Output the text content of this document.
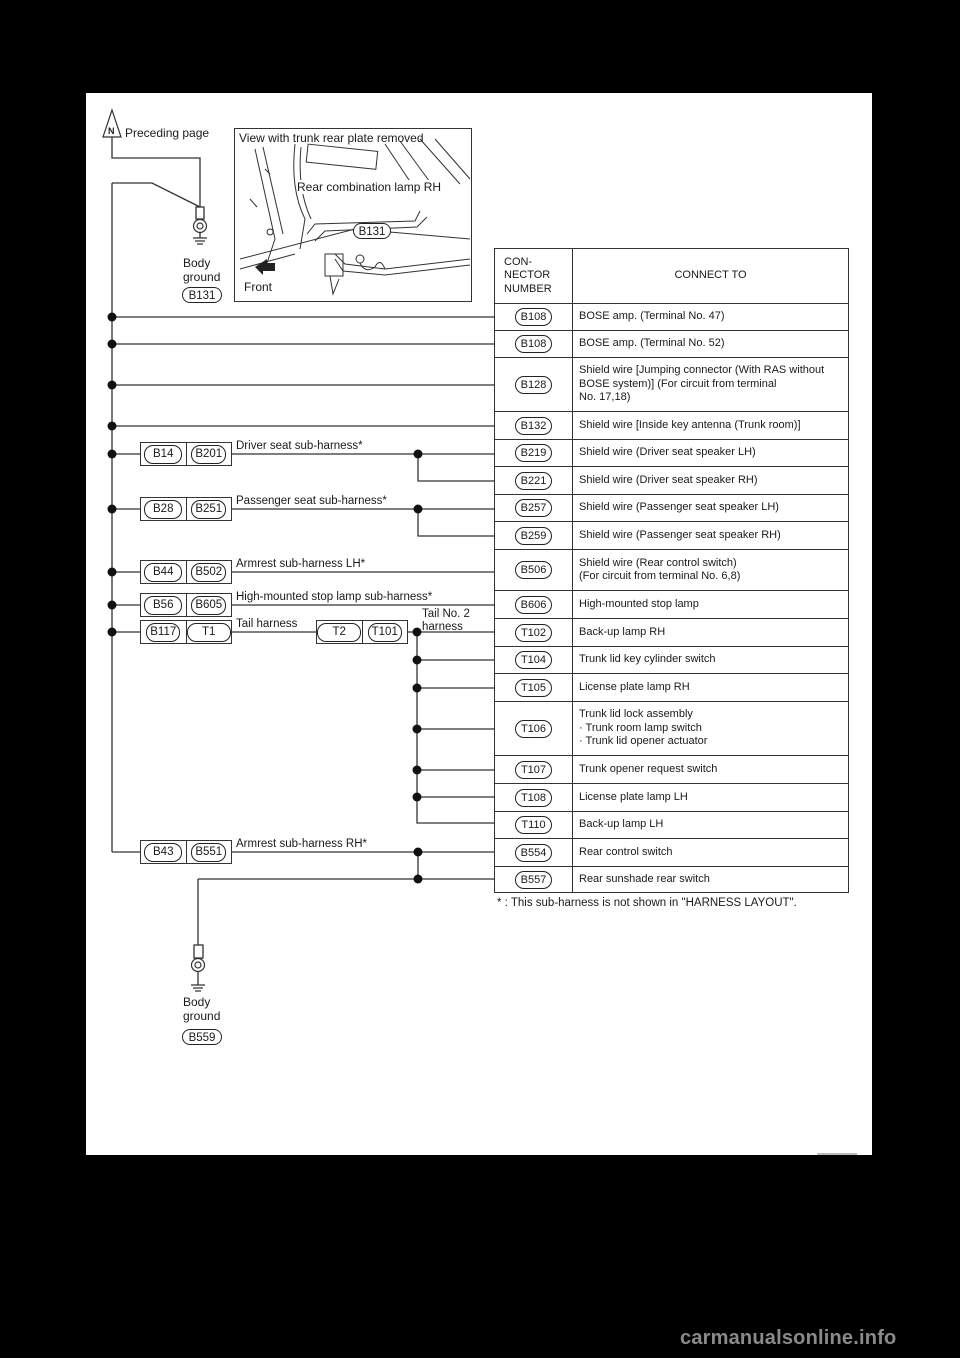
View with trunk rear plate removed
Rear combination lamp RH
B131
Front
N Preceding page
Body
ground
B131
Body
ground
B559
B14	B201
Driver seat sub-harness*
B28	B251
Passenger seat sub-harness*
B44	B502
Armrest sub-harness LH*
B56	B605
High-mounted stop lamp sub-harness*
B117	T1
Tail harness
T2	T101
Tail No. 2
harness
B43	B551
Armrest sub-harness RH*
CON-
NECTOR
NUMBER	CONNECT TO
B108	BOSE amp. (Terminal No. 47)

B108	BOSE amp. (Terminal No. 52)

B128	Shield wire [Jumping connector (With RAS without
BOSE system)] (For circuit from terminal
No. 17,18)

B132	Shield wire [Inside key antenna (Trunk room)]

B219	Shield wire (Driver seat speaker LH)

B221	Shield wire (Driver seat speaker RH)

B257	Shield wire (Passenger seat speaker LH)

B259	Shield wire (Passenger seat speaker RH)

B506	Shield wire (Rear control switch)
(For circuit from terminal No. 6,8)

B606	High-mounted stop lamp

T102	Back-up lamp RH

T104	Trunk lid key cylinder switch

T105	License plate lamp RH

T106	Trunk lid lock assembly
· Trunk room lamp switch
· Trunk lid opener actuator

T107	Trunk opener request switch

T108	License plate lamp LH

T110	Back-up lamp LH

B554	Rear control switch

B557	Rear sunshade rear switch
* : This sub-harness is not shown in "HARNESS LAYOUT".
carmanualsonline.info
